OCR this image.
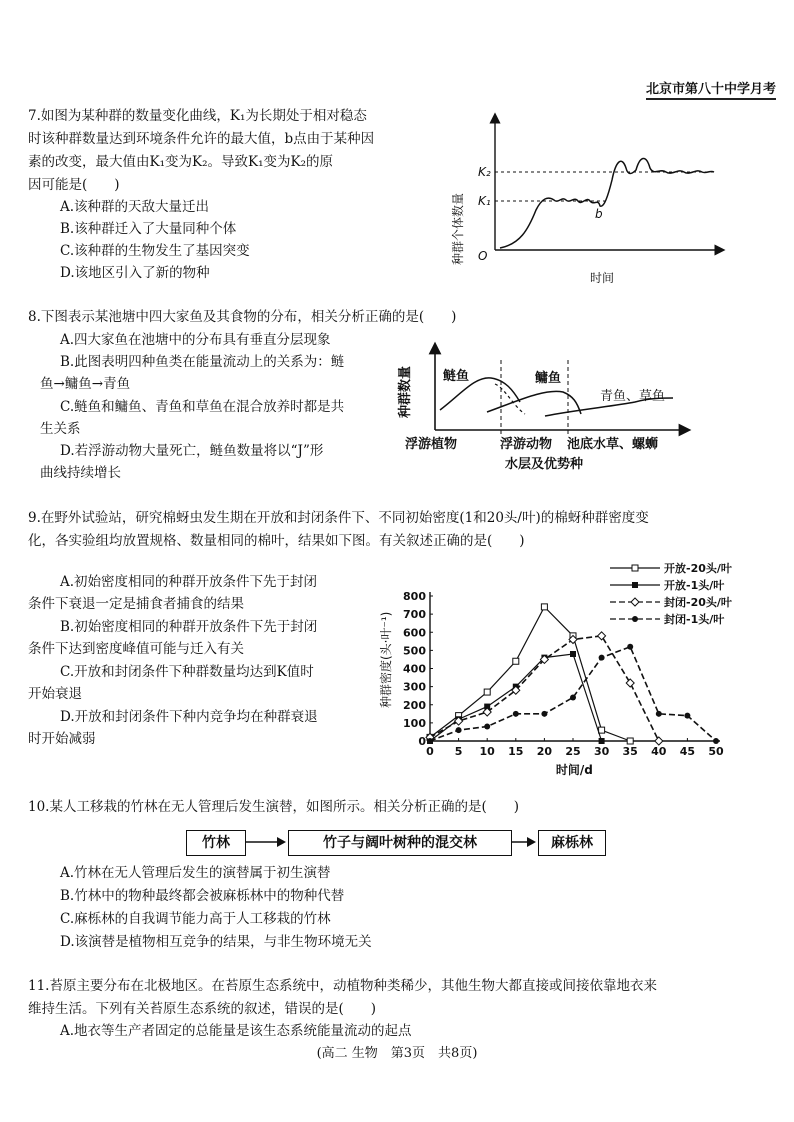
北京市第八十中学月考
7.如图为某种群的数量变化曲线，K₁为长期处于相对稳态
时该种群数量达到环境条件允许的最大值，b点由于某种因
素的改变，最大值由K₁变为K₂。导致K₁变为K₂的原
因可能是(　　)
A.该种群的天敌大量迁出
B.该种群迁入了大量同种个体
C.该种群的生物发生了基因突变
D.该地区引入了新的物种
种群个体数量
K₂
K₁
O
b
时间
8.下图表示某池塘中四大家鱼及其食物的分布，相关分析正确的是(　　)
A.四大家鱼在池塘中的分布具有垂直分层现象
B.此图表明四种鱼类在能量流动上的关系为：鲢
鱼→鳙鱼→青鱼
C.鲢鱼和鳙鱼、青鱼和草鱼在混合放养时都是共
生关系
D.若浮游动物大量死亡，鲢鱼数量将以“J”形
曲线持续增长
种群数量 鲢鱼	鳙鱼
青鱼、草鱼
浮游植物	浮游动物 池底水草、螺蛳
水层及优势种
9.在野外试验站，研究棉蚜虫发生期在开放和封闭条件下、不同初始密度(1和20头/叶)的棉蚜种群密度变
化，各实验组均放置规格、数量相同的棉叶，结果如下图。有关叙述正确的是(　　)
A.初始密度相同的种群开放条件下先于封闭
条件下衰退一定是捕食者捕食的结果
B.初始密度相同的种群开放条件下先于封闭
条件下达到密度峰值可能与迁入有关
C.开放和封闭条件下种群数量均达到K值时
开始衰退
D.开放和封闭条件下种内竞争均在种群衰退
时开始减弱
0 5 10 15 20 25 30 35 40 45 50
0
100
200
300
400
500
600
700
800
开放-20头/叶
开放-1头/叶
封闭-20头/叶
封闭-1头/叶
种群密度(头·叶⁻¹)
时间/d
10.某人工移栽的竹林在无人管理后发生演替，如图所示。相关分析正确的是(　　)
竹林	竹子与阔叶树种的混交林	麻栎林
A.竹林在无人管理后发生的演替属于初生演替
B.竹林中的物种最终都会被麻栎林中的物种代替
C.麻栎林的自我调节能力高于人工移栽的竹林
D.该演替是植物相互竞争的结果，与非生物环境无关
11.苔原主要分布在北极地区。在苔原生态系统中，动植物种类稀少，其他生物大都直接或间接依靠地衣来
维持生活。下列有关苔原生态系统的叙述，错误的是(　　)
A.地衣等生产者固定的总能量是该生态系统能量流动的起点
(高二 生物　第3页　共8页)
